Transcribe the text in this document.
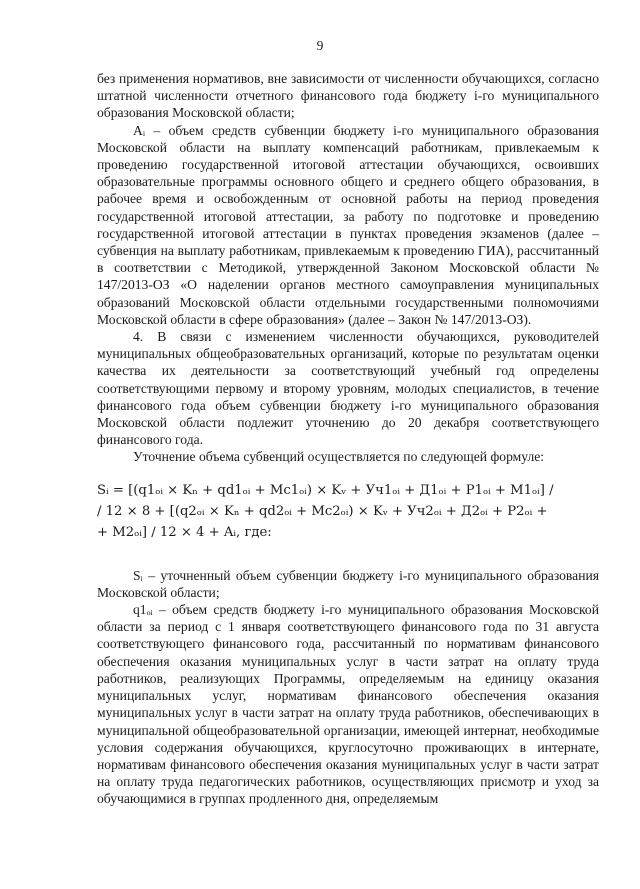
9

без применения нормативов, вне зависимости от численности обучающихся, согласно штатной численности отчетного финансового года бюджету i-го муниципального образования Московской области;

Aᵢ – объем средств субвенции бюджету i-го муниципального образования Московской области на выплату компенсаций работникам, привлекаемым к проведению государственной итоговой аттестации обучающихся, освоивших образовательные программы основного общего и среднего общего образования, в рабочее время и освобожденным от основной работы на период проведения государственной итоговой аттестации, за работу по подготовке и проведению государственной итоговой аттестации в пунктах проведения экзаменов (далее – субвенция на выплату работникам, привлекаемым к проведению ГИА), рассчитанный в соответствии с Методикой, утвержденной Законом Московской области № 147/2013-ОЗ «О наделении органов местного самоуправления муниципальных образований Московской области отдельными государственными полномочиями Московской области в сфере образования» (далее – Закон № 147/2013-ОЗ).

4. В связи с изменением численности обучающихся, руководителей муниципальных общеобразовательных организаций, которые по результатам оценки качества их деятельности за соответствующий учебный год определены соответствующими первому и второму уровням, молодых специалистов, в течение финансового года объем субвенции бюджету i-го муниципального образования Московской области подлежит уточнению до 20 декабря соответствующего финансового года.

Уточнение объема субвенций осуществляется по следующей формуле:

Sᵢ = [(q1ₒᵢ × Kₙ + qd1ₒᵢ + Mc1ₒᵢ) × Kᵥ + Уч1ₒᵢ + Д1ₒᵢ + P1ₒᵢ + M1ₒᵢ] /
/ 12 × 8 + [(q2ₒᵢ × Kₙ + qd2ₒᵢ + Mc2ₒᵢ) × Kᵥ + Уч2ₒᵢ + Д2ₒᵢ + P2ₒᵢ +
+ M2ₒᵢ] / 12 × 4 + Aᵢ, где:

Sᵢ – уточненный объем субвенции бюджету i-го муниципального образования Московской области;

q1ₒᵢ – объем средств бюджету i-го муниципального образования Московской области за период с 1 января соответствующего финансового года по 31 августа соответствующего финансового года, рассчитанный по нормативам финансового обеспечения оказания муниципальных услуг в части затрат на оплату труда работников, реализующих Программы, определяемым на единицу оказания муниципальных услуг, нормативам финансового обеспечения оказания муниципальных услуг в части затрат на оплату труда работников, обеспечивающих в муниципальной общеобразовательной организации, имеющей интернат, необходимые условия содержания обучающихся, круглосуточно проживающих в интернате, нормативам финансового обеспечения оказания муниципальных услуг в части затрат на оплату труда педагогических работников, осуществляющих присмотр и уход за обучающимися в группах продленного дня, определяемым
